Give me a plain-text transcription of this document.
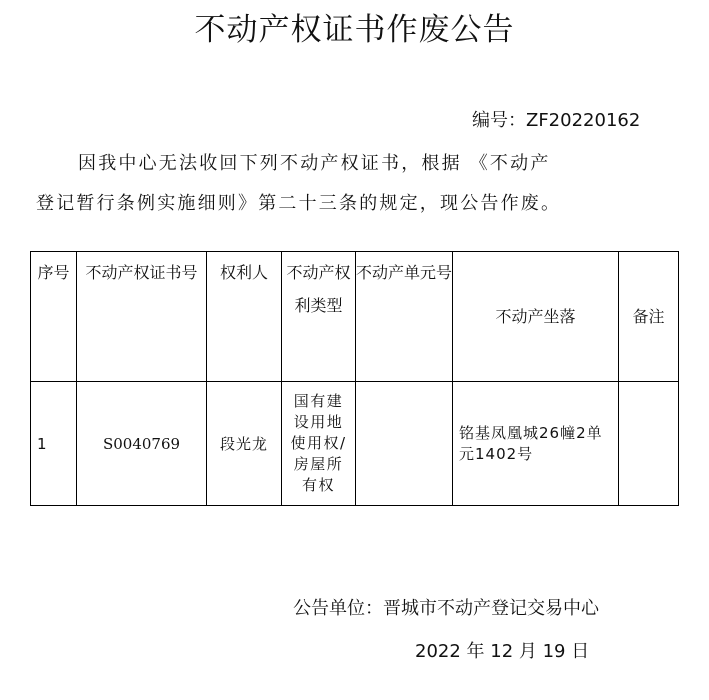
不动产权证书作废公告
编号：ZF20220162
因我中心无法收回下列不动产权证书，根据 《不动产
登记暂行条例实施细则》第二十三条的规定，现公告作废。
序号	不动产权证书号	权利人	不动产权利类型	不动产单元号	不动产坐落	备注
1	S0040769	段光龙	国有建设用地使用权/房屋所有权		铭基凤凰城26幢2单元1402号	
公告单位：晋城市不动产登记交易中心
2022 年 12 月 19 日
